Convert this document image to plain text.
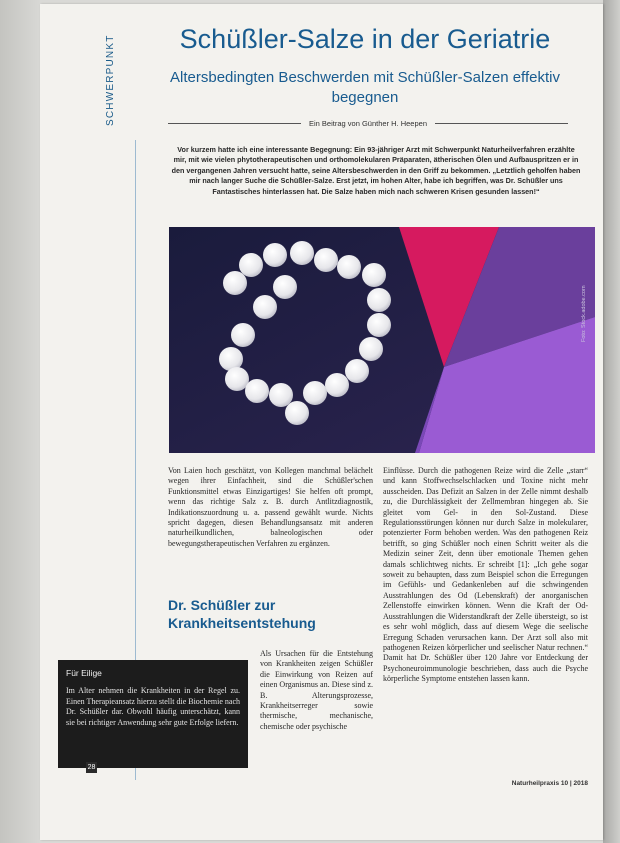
SCHWERPUNKT	Schüßler-Salze in der Geriatrie
Altersbedingten Beschwerden mit Schüßler-Salzen effektiv begegnen
Ein Beitrag von Günther H. Heepen
Vor kurzem hatte ich eine interessante Begegnung: Ein 93-jähriger Arzt mit Schwerpunkt Naturheilverfahren erzählte mir, mit wie vielen phytotherapeutischen und orthomolekularen Präparaten, ätherischen Ölen und Aufbauspritzen er in den vergangenen Jahren versucht hatte, seine Altersbeschwerden in den Griff zu bekommen. „Letztlich geholfen haben mir nach langer Suche die Schüßler-Salze. Erst jetzt, im hohen Alter, habe ich begriffen, was Dr. Schüßler uns Fantastisches hinterlassen hat. Die Salze haben mich nach schweren Krisen gesunden lassen!“
Foto: Stock.adobe.com
Von Laien hoch geschätzt, von Kollegen manchmal belächelt wegen ihrer Einfachheit, sind die Schüßler'schen Funktionsmittel etwas Einzigartiges! Sie helfen oft prompt, wenn das richtige Salz z. B. durch Antlitzdiagnostik, Indikationszuordnung u. a. passend gewählt wurde. Nichts spricht dagegen, diesen Behandlungsansatz mit anderen naturheilkundlichen, balneologischen oder bewegungstherapeutischen Verfahren zu ergänzen.
Dr. Schüßler zur Krankheitsentstehung
Als Ursachen für die Entstehung von Krankheiten zeigen Schüßler die Einwirkung von Reizen auf einen Organismus an. Diese sind z. B. Alterungsprozesse, Krankheitserreger sowie thermische, mechanische, chemische oder psychische
Einflüsse. Durch die pathogenen Reize wird die Zelle „starr“ und kann Stoffwechselschlacken und Toxine nicht mehr ausscheiden. Das Defizit an Salzen in der Zelle nimmt deshalb zu, die Durchlässigkeit der Zellmembran hingegen ab. Sie gleitet vom Gel- in den Sol-Zustand. Diese Regulationsstörungen können nur durch Salze in molekularer, potenzierter Form behoben werden. Was den pathogenen Reiz betrifft, so ging Schüßler noch einen Schritt weiter als die Medizin seiner Zeit, denn über emotionale Themen gehen damals schlichtweg nichts. Er schreibt [1]: „Ich gehe sogar soweit zu behaupten, dass zum Beispiel schon die Erregungen im Gefühls- und Gedankenleben auf die schwingenden Ausstrahlungen des Od (Lebenskraft) der anorganischen Zellenstoffe einwirken können. Wenn die Kraft der Od-Ausstrahlungen die Widerstandkraft der Zelle übersteigt, so ist es sehr wohl möglich, dass auf diesem Wege die seelische Erregung Schaden verursachen kann. Der Arzt soll also mit pathogenen Reizen körperlicher und seelischer Natur rechnen.“ Damit hat Dr. Schüßler über 120 Jahre vor Entdeckung der Psychoneuroimmunologie beschrieben, dass auch die Psyche körperliche Symptome entstehen lassen kann.
Für Eilige
Im Alter nehmen die Krankheiten in der Regel zu. Einen Therapieansatz hierzu stellt die Biochemie nach Dr. Schüßler dar. Obwohl häufig unterschätzt, kann sie bei richtiger Anwendung sehr gute Erfolge liefern.
28
Naturheilpraxis 10 | 2018
